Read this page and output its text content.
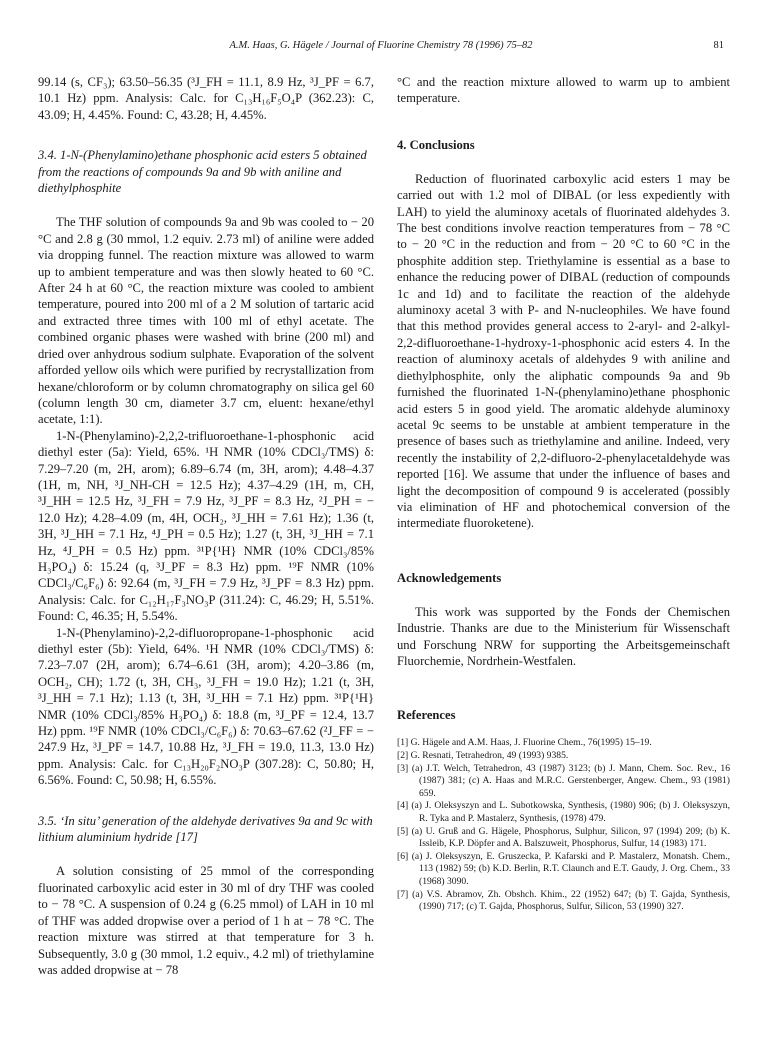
A.M. Haas, G. Hägele / Journal of Fluorine Chemistry 78 (1996) 75–82	81

99.14 (s, CF₃); 63.50–56.35 (³J_FH = 11.1, 8.9 Hz, ³J_PF = 6.7, 10.1 Hz) ppm. Analysis: Calc. for C₁₃H₁₆F₅O₄P (362.23): C, 43.09; H, 4.45%. Found: C, 43.28; H, 4.45%.

3.4. 1-N-(Phenylamino)ethane phosphonic acid esters 5 obtained from the reactions of compounds 9a and 9b with aniline and diethylphosphite

The THF solution of compounds 9a and 9b was cooled to − 20 °C and 2.8 g (30 mmol, 1.2 equiv. 2.73 ml) of aniline were added via dropping funnel. The reaction mixture was allowed to warm up to ambient temperature and was then slowly heated to 60 °C. After 24 h at 60 °C, the reaction mixture was cooled to ambient temperature, poured into 200 ml of a 2 M solution of tartaric acid and extracted three times with 100 ml of ethyl acetate. The combined organic phases were washed with brine (200 ml) and dried over anhydrous sodium sulphate. Evaporation of the solvent afforded yellow oils which were purified by recrystallization from hexane/chloroform or by column chromatography on silica gel 60 (column length 30 cm, diameter 3.7 cm, eluent: hexane/ethyl acetate, 1:1).

1-N-(Phenylamino)-2,2,2-trifluoroethane-1-phosphonic acid diethyl ester (5a): Yield, 65%. ¹H NMR (10% CDCl₃/TMS) δ: 7.29–7.20 (m, 2H, arom); 6.89–6.74 (m, 3H, arom); 4.48–4.37 (1H, m, NH, ³J_NH-CH = 12.5 Hz); 4.37–4.29 (1H, m, CH, ³J_HH = 12.5 Hz, ³J_FH = 7.9 Hz, ³J_PF = 8.3 Hz, ²J_PH = − 12.0 Hz); 4.28–4.09 (m, 4H, OCH₂, ³J_HH = 7.61 Hz); 1.36 (t, 3H, ³J_HH = 7.1 Hz, ⁴J_PH = 0.5 Hz); 1.27 (t, 3H, ³J_HH = 7.1 Hz, ⁴J_PH = 0.5 Hz) ppm. ³¹P{¹H} NMR (10% CDCl₃/85% H₃PO₄) δ: 15.24 (q, ³J_PF = 8.3 Hz) ppm. ¹⁹F NMR (10% CDCl₃/C₆F₆) δ: 92.64 (m, ³J_FH = 7.9 Hz, ³J_PF = 8.3 Hz) ppm. Analysis: Calc. for C₁₂H₁₇F₃NO₃P (311.24): C, 46.29; H, 5.51%. Found: C, 46.35; H, 5.54%.

1-N-(Phenylamino)-2,2-difluoropropane-1-phosphonic acid diethyl ester (5b): Yield, 64%. ¹H NMR (10% CDCl₃/TMS) δ: 7.23–7.07 (2H, arom); 6.74–6.61 (3H, arom); 4.20–3.86 (m, OCH₂, CH); 1.72 (t, 3H, CH₃, ³J_FH = 19.0 Hz); 1.21 (t, 3H, ³J_HH = 7.1 Hz); 1.13 (t, 3H, ³J_HH = 7.1 Hz) ppm. ³¹P{¹H} NMR (10% CDCl₃/85% H₃PO₄) δ: 18.8 (m, ³J_PF = 12.4, 13.7 Hz) ppm. ¹⁹F NMR (10% CDCl₃/C₆F₆) δ: 70.63–67.62 (²J_FF = − 247.9 Hz, ³J_PF = 14.7, 10.88 Hz, ³J_FH = 19.0, 11.3, 13.0 Hz) ppm. Analysis: Calc. for C₁₃H₂₀F₂NO₃P (307.28): C, 50.80; H, 6.56%. Found: C, 50.98; H, 6.55%.

3.5. ‘In situ’ generation of the aldehyde derivatives 9a and 9c with lithium aluminium hydride [17]

A solution consisting of 25 mmol of the corresponding fluorinated carboxylic acid ester in 30 ml of dry THF was cooled to − 78 °C. A suspension of 0.24 g (6.25 mmol) of LAH in 10 ml of THF was added dropwise over a period of 1 h at − 78 °C. The reaction mixture was stirred at that temperature for 3 h. Subsequently, 3.0 g (30 mmol, 1.2 equiv., 4.2 ml) of triethylamine was added dropwise at − 78

°C and the reaction mixture allowed to warm up to ambient temperature.

4. Conclusions

Reduction of fluorinated carboxylic acid esters 1 may be carried out with 1.2 mol of DIBAL (or less expediently with LAH) to yield the aluminoxy acetals of fluorinated aldehydes 3. The best conditions involve reaction temperatures from − 78 °C to − 20 °C in the reduction and from − 20 °C to 60 °C in the phosphite addition step. Triethylamine is essential as a base to enhance the reducing power of DIBAL (reduction of compounds 1c and 1d) and to facilitate the reaction of the aldehyde aluminoxy acetal 3 with P- and N-nucleophiles. We have found that this method provides general access to 2-aryl- and 2-alkyl-2,2-difluoroethane-1-hydroxy-1-phosphonic acid esters 4. In the reaction of aluminoxy acetals of aldehydes 9 with aniline and diethylphosphite, only the aliphatic compounds 9a and 9b furnished the fluorinated 1-N-(phenylamino)ethane phosphonic acid esters 5 in good yield. The aromatic aldehyde aluminoxy acetal 9c seems to be unstable at ambient temperature in the presence of bases such as triethylamine and aniline. Indeed, very recently the instability of 2,2-difluoro-2-phenylacetaldehyde was reported [16]. We assume that under the influence of bases and light the decomposition of compound 9 is accelerated (possibly via elimination of HF and photochemical conversion of the intermediate fluoroketene).

Acknowledgements

This work was supported by the Fonds der Chemischen Industrie. Thanks are due to the Ministerium für Wissenschaft und Forschung NRW for supporting the Arbeitsgemeinschaft Fluorchemie, Nordrhein-Westfalen.

References
[1] G. Hägele and A.M. Haas, J. Fluorine Chem., 76(1995) 15–19.
[2] G. Resnati, Tetrahedron, 49 (1993) 9385.
[3] (a) J.T. Welch, Tetrahedron, 43 (1987) 3123; (b) J. Mann, Chem. Soc. Rev., 16 (1987) 381; (c) A. Haas and M.R.C. Gerstenberger, Angew. Chem., 93 (1981) 659.
[4] (a) J. Oleksyszyn and L. Subotkowska, Synthesis, (1980) 906; (b) J. Oleksyszyn, R. Tyka and P. Mastalerz, Synthesis, (1978) 479.
[5] (a) U. Gruß and G. Hägele, Phosphorus, Sulphur, Silicon, 97 (1994) 209; (b) K. Issleib, K.P. Döpfer and A. Balszuweit, Phosphorus, Sulfur, 14 (1983) 171.
[6] (a) J. Oleksyszyn, E. Gruszecka, P. Kafarski and P. Mastalerz, Monatsh. Chem., 113 (1982) 59; (b) K.D. Berlin, R.T. Claunch and E.T. Gaudy, J. Org. Chem., 33 (1968) 3090.
[7] (a) V.S. Abramov, Zh. Obshch. Khim., 22 (1952) 647; (b) T. Gajda, Synthesis, (1990) 717; (c) T. Gajda, Phosphorus, Sulfur, Silicon, 53 (1990) 327.
